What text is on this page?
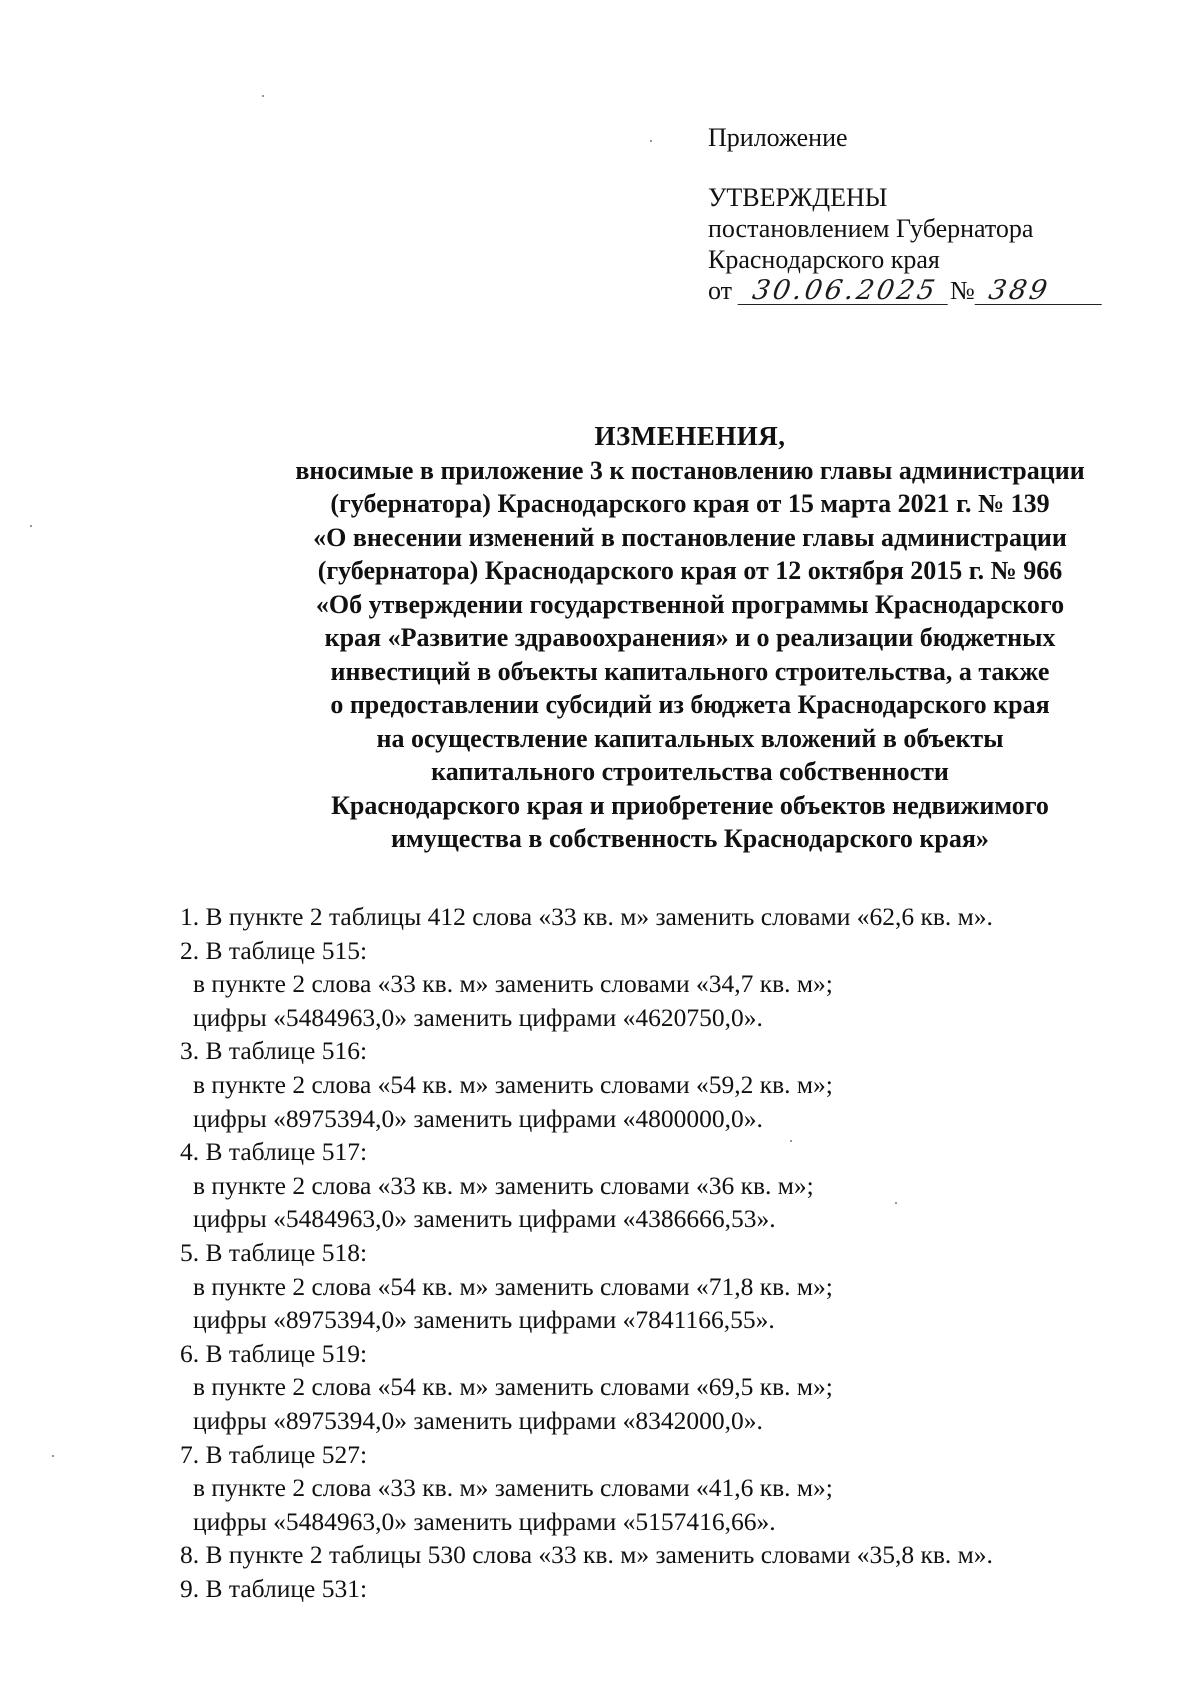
Приложение
УТВЕРЖДЕНЫ
постановлением Губернатора
Краснодарского края
от 30.06.2025 № 389
ИЗМЕНЕНИЯ,
вносимые в приложение 3 к постановлению главы администрации
(губернатора) Краснодарского края от 15 марта 2021 г. № 139
«О внесении изменений в постановление главы администрации
(губернатора) Краснодарского края от 12 октября 2015 г. № 966
«Об утверждении государственной программы Краснодарского
края «Развитие здравоохранения» и о реализации бюджетных
инвестиций в объекты капитального строительства, а также
о предоставлении субсидий из бюджета Краснодарского края
на осуществление капитальных вложений в объекты
капитального строительства собственности
Краснодарского края и приобретение объектов недвижимого
имущества в собственность Краснодарского края»
1. В пункте 2 таблицы 412 слова «33 кв. м» заменить словами «62,6 кв. м».
2. В таблице 515:
в пункте 2 слова «33 кв. м» заменить словами «34,7 кв. м»;
цифры «5484963,0» заменить цифрами «4620750,0».
3. В таблице 516:
в пункте 2 слова «54 кв. м» заменить словами «59,2 кв. м»;
цифры «8975394,0» заменить цифрами «4800000,0».
4. В таблице 517:
в пункте 2 слова «33 кв. м» заменить словами «36 кв. м»;
цифры «5484963,0» заменить цифрами «4386666,53».
5. В таблице 518:
в пункте 2 слова «54 кв. м» заменить словами «71,8 кв. м»;
цифры «8975394,0» заменить цифрами «7841166,55».
6. В таблице 519:
в пункте 2 слова «54 кв. м» заменить словами «69,5 кв. м»;
цифры «8975394,0» заменить цифрами «8342000,0».
7. В таблице 527:
в пункте 2 слова «33 кв. м» заменить словами «41,6 кв. м»;
цифры «5484963,0» заменить цифрами «5157416,66».
8. В пункте 2 таблицы 530 слова «33 кв. м» заменить словами «35,8 кв. м».
9. В таблице 531:
